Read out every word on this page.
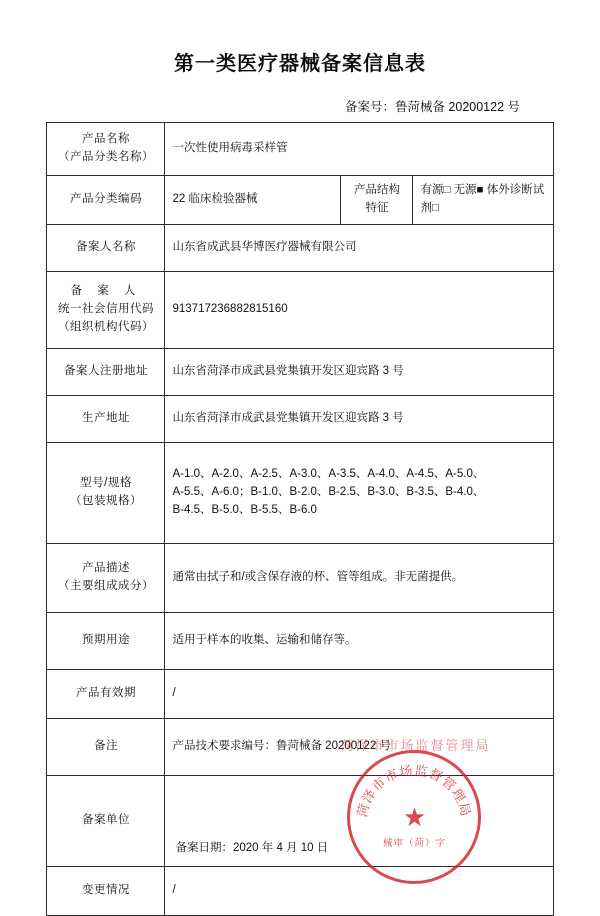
第一类医疗器械备案信息表
备案号：鲁菏械备 20200122 号
产品名称
（产品分类名称）	一次性使用病毒采样管		
产品分类编码	22 临床检验器械	产品结构特征	有源□ 无源■ 体外诊断试剂□
备案人名称	山东省成武县华博医疗器械有限公司		

备 案 人
统一社会信用代码
（组织机构代码）	913717236882815160		
备案人注册地址	山东省菏泽市成武县党集镇开发区迎宾路 3 号		
生产地址	山东省菏泽市成武县党集镇开发区迎宾路 3 号		

型号/规格
（包装规格）	A-1.0、A-2.0、A-2.5、A-3.0、A-3.5、A-4.0、A-4.5、A-5.0、
A-5.5、A-6.0；B-1.0、B-2.0、B-2.5、B-3.0、B-3.5、B-4.0、
B-4.5、B-5.0、B-5.5、B-6.0		

产品描述
（主要组成成分）	通常由拭子和/或含保存液的杯、管等组成。非无菌提供。		
预期用途	适用于样本的收集、运输和储存等。		
产品有效期	/		
备注	产品技术要求编号：鲁菏械备 20200122 号		
备案单位	菏泽市市场监督管理局
菏泽市市场监督管理局
★
械审（菏）字
备案日期：2020 年 4 月 10 日		

变更情况	/		
